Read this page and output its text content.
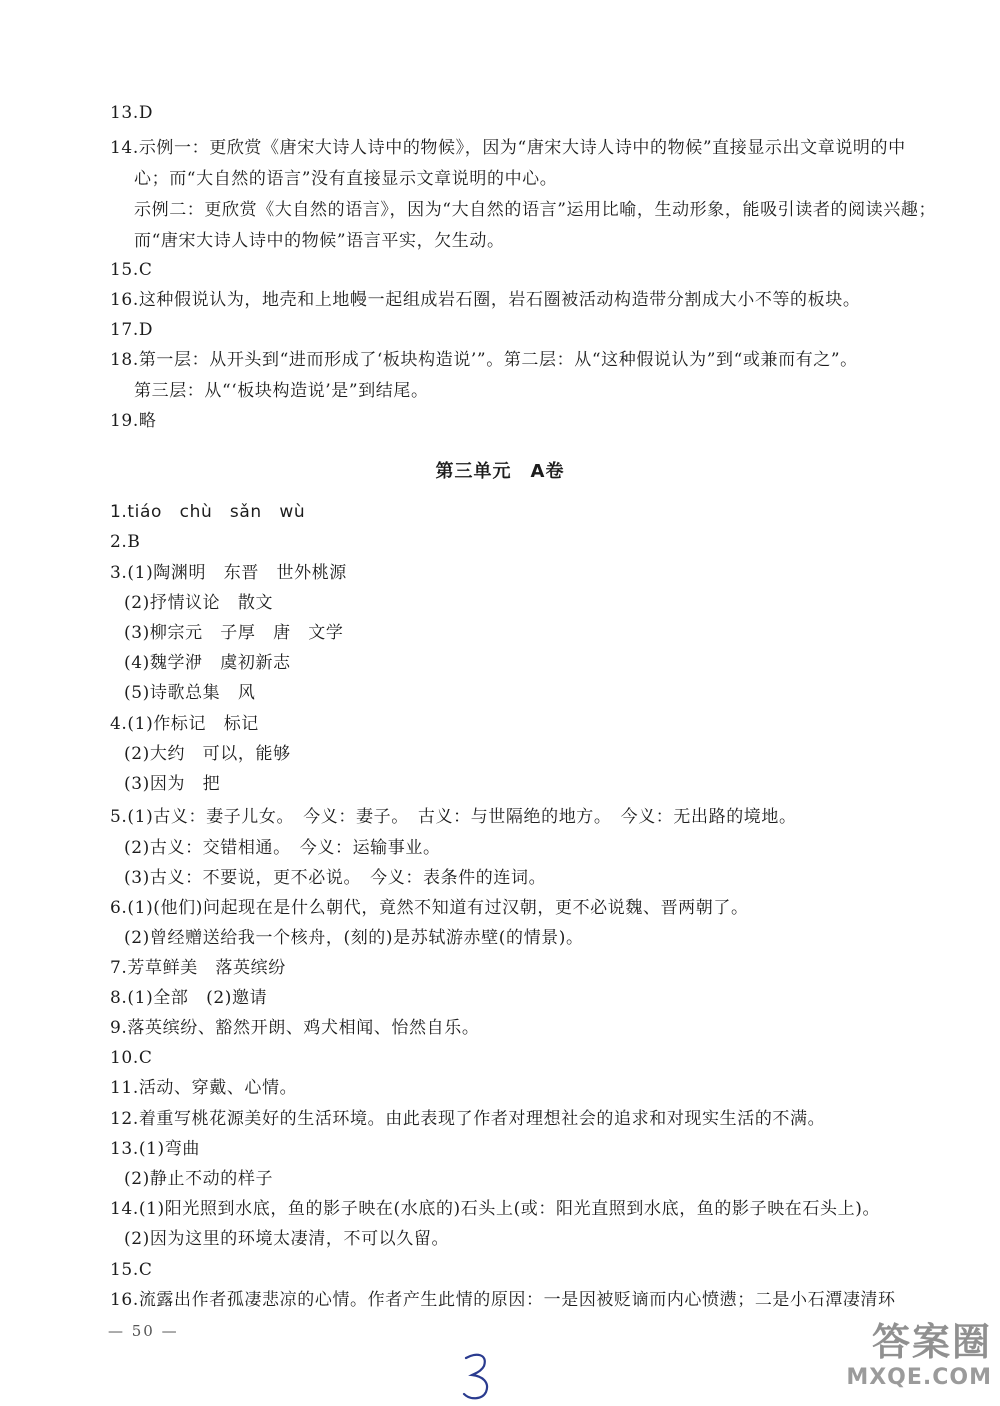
13.D
14.示例一：更欣赏《唐宋大诗人诗中的物候》，因为“唐宋大诗人诗中的物候”直接显示出文章说明的中
心；而“大自然的语言”没有直接显示文章说明的中心。
示例二：更欣赏《大自然的语言》，因为“大自然的语言”运用比喻，生动形象，能吸引读者的阅读兴趣；
而“唐宋大诗人诗中的物候”语言平实，欠生动。
15.C
16.这种假说认为，地壳和上地幔一起组成岩石圈，岩石圈被活动构造带分割成大小不等的板块。
17.D
18.第一层：从开头到“进而形成了‘板块构造说’”。第二层：从“这种假说认为”到“或兼而有之”。
第三层：从“‘板块构造说’是”到结尾。
19.略
第三单元　A卷
1.tiáo　chù　sǎn　wù
2.B
3.(1)陶渊明　东晋　世外桃源
(2)抒情议论　散文
(3)柳宗元　子厚　唐　文学
(4)魏学洢　虞初新志
(5)诗歌总集　风
4.(1)作标记　标记
(2)大约　可以，能够
(3)因为　把
5.(1)古义：妻子儿女。　今义：妻子。　古义：与世隔绝的地方。　今义：无出路的境地。
(2)古义：交错相通。　今义：运输事业。
(3)古义：不要说，更不必说。　今义：表条件的连词。
6.(1)(他们)问起现在是什么朝代，竟然不知道有过汉朝，更不必说魏、晋两朝了。
(2)曾经赠送给我一个核舟，(刻的)是苏轼游赤壁(的情景)。
7.芳草鲜美　落英缤纷
8.(1)全部　(2)邀请
9.落英缤纷、豁然开朗、鸡犬相闻、怡然自乐。
10.C
11.活动、穿戴、心情。
12.着重写桃花源美好的生活环境。由此表现了作者对理想社会的追求和对现实生活的不满。
13.(1)弯曲
(2)静止不动的样子
14.(1)阳光照到水底，鱼的影子映在(水底的)石头上(或：阳光直照到水底，鱼的影子映在石头上)。
(2)因为这里的环境太凄清，不可以久留。
15.C
16.流露出作者孤凄悲凉的心情。作者产生此情的原因：一是因被贬谪而内心愤懑；二是小石潭凄清环
— 50 —	答案圈
MXQE.COM
